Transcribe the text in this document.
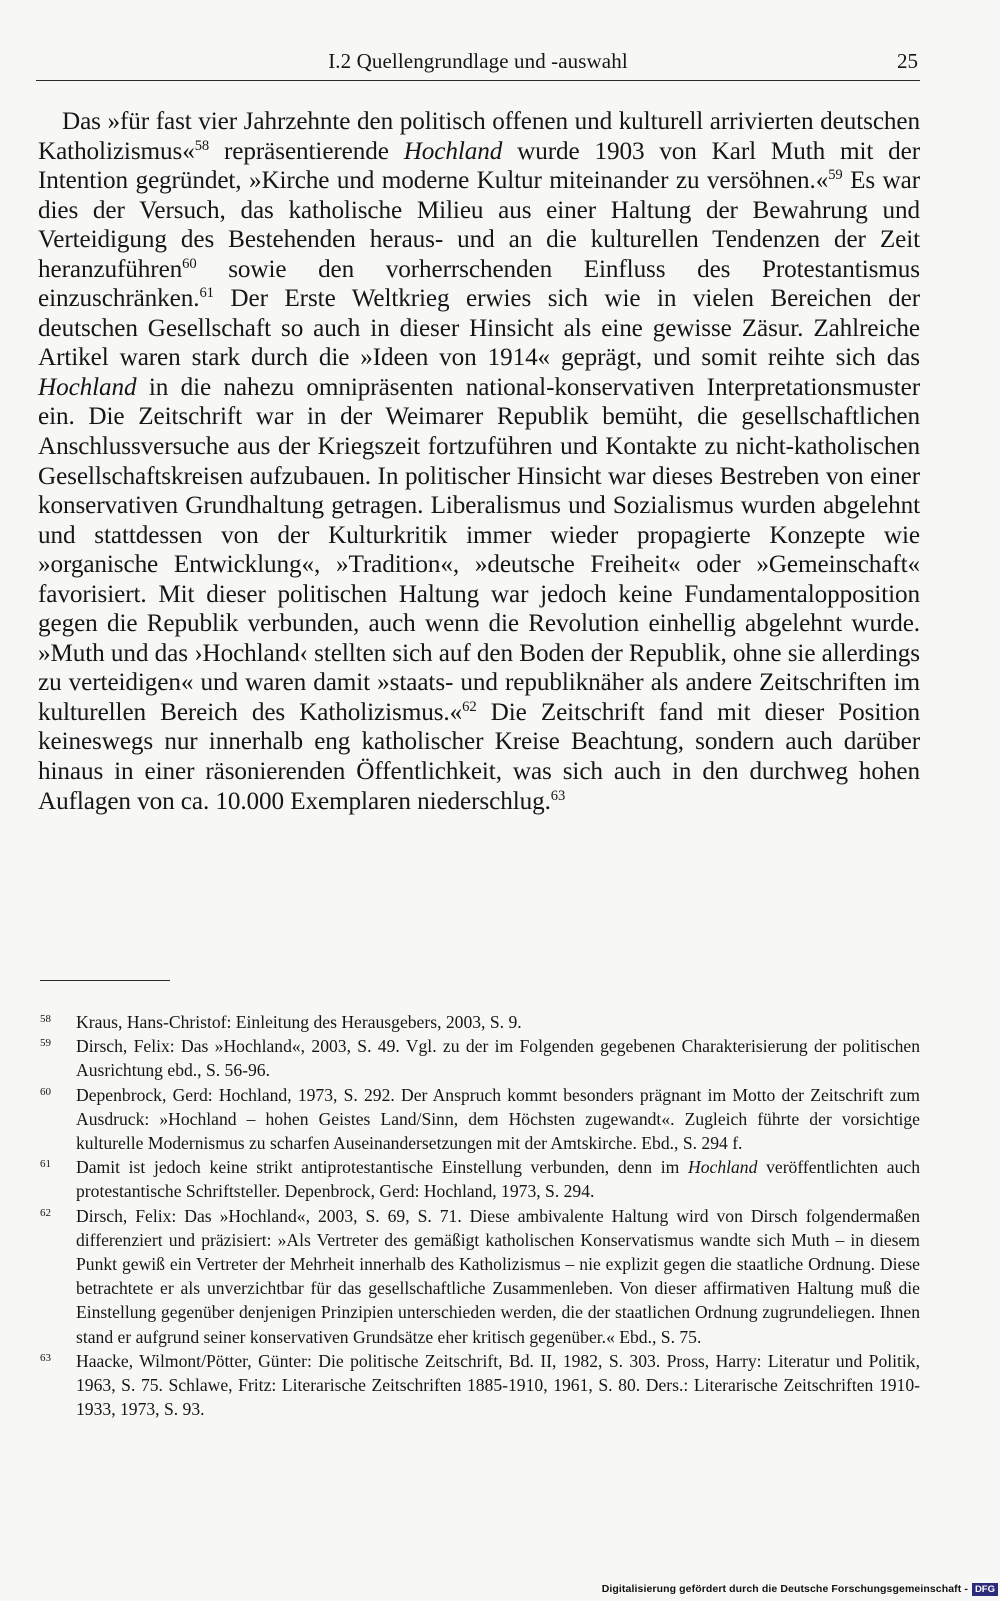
I.2 Quellengrundlage und -auswahl	25

Das »für fast vier Jahrzehnte den politisch offenen und kulturell arrivierten deutschen Katholizismus«$^{58}$ repräsentierende Hochland wurde 1903 von Karl Muth mit der Intention gegründet, »Kirche und moderne Kultur miteinander zu versöhnen.«$^{59}$ Es war dies der Versuch, das katholische Milieu aus einer Haltung der Bewahrung und Verteidigung des Bestehenden heraus- und an die kulturellen Tendenzen der Zeit heranzuführen$^{60}$ sowie den vorherrschenden Einfluss des Protestantismus einzuschränken.$^{61}$ Der Erste Weltkrieg erwies sich wie in vielen Bereichen der deutschen Gesellschaft so auch in dieser Hinsicht als eine gewisse Zäsur. Zahlreiche Artikel waren stark durch die »Ideen von 1914« geprägt, und somit reihte sich das Hochland in die nahezu omnipräsenten national-konservativen Interpretationsmuster ein. Die Zeitschrift war in der Weimarer Republik bemüht, die gesellschaftlichen Anschlussversuche aus der Kriegszeit fortzuführen und Kontakte zu nicht-katholischen Gesellschaftskreisen aufzubauen. In politischer Hinsicht war dieses Bestreben von einer konservativen Grundhaltung getragen. Liberalismus und Sozialismus wurden abgelehnt und stattdessen von der Kulturkritik immer wieder propagierte Konzepte wie »organische Entwicklung«, »Tradition«, »deutsche Freiheit« oder »Gemeinschaft« favorisiert. Mit dieser politischen Haltung war jedoch keine Fundamentalopposition gegen die Republik verbunden, auch wenn die Revolution einhellig abgelehnt wurde. »Muth und das ›Hochland‹ stellten sich auf den Boden der Republik, ohne sie allerdings zu verteidigen« und waren damit »staats- und republiknäher als andere Zeitschriften im kulturellen Bereich des Katholizismus.«$^{62}$ Die Zeitschrift fand mit dieser Position keineswegs nur innerhalb eng katholischer Kreise Beachtung, sondern auch darüber hinaus in einer räsonierenden Öffentlichkeit, was sich auch in den durchweg hohen Auflagen von ca. 10.000 Exemplaren niederschlug.$^{63}$

58	Kraus, Hans-Christof: Einleitung des Herausgebers, 2003, S. 9.
59	Dirsch, Felix: Das »Hochland«, 2003, S. 49. Vgl. zu der im Folgenden gegebenen Charakterisierung der politischen Ausrichtung ebd., S. 56-96.
60	Depenbrock, Gerd: Hochland, 1973, S. 292. Der Anspruch kommt besonders prägnant im Motto der Zeitschrift zum Ausdruck: »Hochland – hohen Geistes Land/Sinn, dem Höchsten zugewandt«. Zugleich führte der vorsichtige kulturelle Modernismus zu scharfen Auseinandersetzungen mit der Amtskirche. Ebd., S. 294 f.
61	Damit ist jedoch keine strikt antiprotestantische Einstellung verbunden, denn im Hochland veröffentlichten auch protestantische Schriftsteller. Depenbrock, Gerd: Hochland, 1973, S. 294.
62	Dirsch, Felix: Das »Hochland«, 2003, S. 69, S. 71. Diese ambivalente Haltung wird von Dirsch folgendermaßen differenziert und präzisiert: »Als Vertreter des gemäßigt katholischen Konservatismus wandte sich Muth – in diesem Punkt gewiß ein Vertreter der Mehrheit innerhalb des Katholizismus – nie explizit gegen die staatliche Ordnung. Diese betrachtete er als unverzichtbar für das gesellschaftliche Zusammenleben. Von dieser affirmativen Haltung muß die Einstellung gegenüber denjenigen Prinzipien unterschieden werden, die der staatlichen Ordnung zugrundeliegen. Ihnen stand er aufgrund seiner konservativen Grundsätze eher kritisch gegenüber.« Ebd., S. 75.
63	Haacke, Wilmont/Pötter, Günter: Die politische Zeitschrift, Bd. II, 1982, S. 303. Pross, Harry: Literatur und Politik, 1963, S. 75. Schlawe, Fritz: Literarische Zeitschriften 1885-1910, 1961, S. 80. Ders.: Literarische Zeitschriften 1910-1933, 1973, S. 93.
Digitalisierung gefördert durch die Deutsche Forschungsgemeinschaft - DFG
